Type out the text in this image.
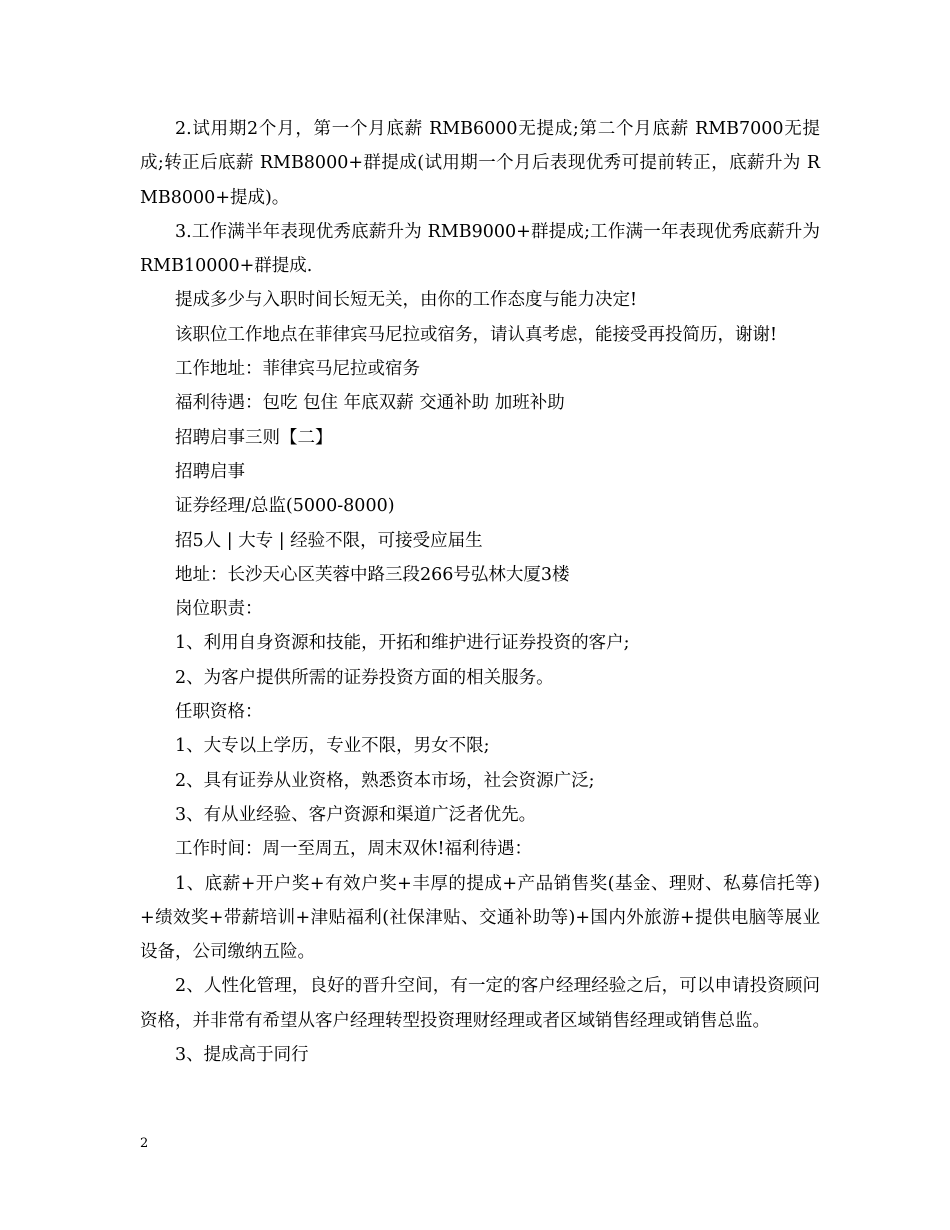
2.试用期2个月，第一个月底薪 RMB6000无提成;第二个月底薪 RMB7000无提成;转正后底薪 RMB8000+群提成(试用期一个月后表现优秀可提前转正，底薪升为 RMB8000+提成)。

3.工作满半年表现优秀底薪升为 RMB9000+群提成;工作满一年表现优秀底薪升为 RMB10000+群提成.

提成多少与入职时间长短无关，由你的工作态度与能力决定!

该职位工作地点在菲律宾马尼拉或宿务，请认真考虑，能接受再投简历，谢谢!

工作地址：菲律宾马尼拉或宿务

福利待遇：包吃 包住 年底双薪 交通补助 加班补助

招聘启事三则【二】

招聘启事

证券经理/总监(5000-8000)

招5人 | 大专 | 经验不限，可接受应届生

地址：长沙天心区芙蓉中路三段266号弘林大厦3楼

岗位职责：

1、利用自身资源和技能，开拓和维护进行证券投资的客户;

2、为客户提供所需的证券投资方面的相关服务。

任职资格：

1、大专以上学历，专业不限，男女不限;

2、具有证券从业资格，熟悉资本市场，社会资源广泛;

3、有从业经验、客户资源和渠道广泛者优先。

工作时间：周一至周五，周末双休!福利待遇：

1、底薪+开户奖+有效户奖+丰厚的提成+产品销售奖(基金、理财、私募信托等)+绩效奖+带薪培训+津贴福利(社保津贴、交通补助等)+国内外旅游+提供电脑等展业设备，公司缴纳五险。

2、人性化管理，良好的晋升空间，有一定的客户经理经验之后，可以申请投资顾问资格，并非常有希望从客户经理转型投资理财经理或者区域销售经理或销售总监。

3、提成高于同行

2
